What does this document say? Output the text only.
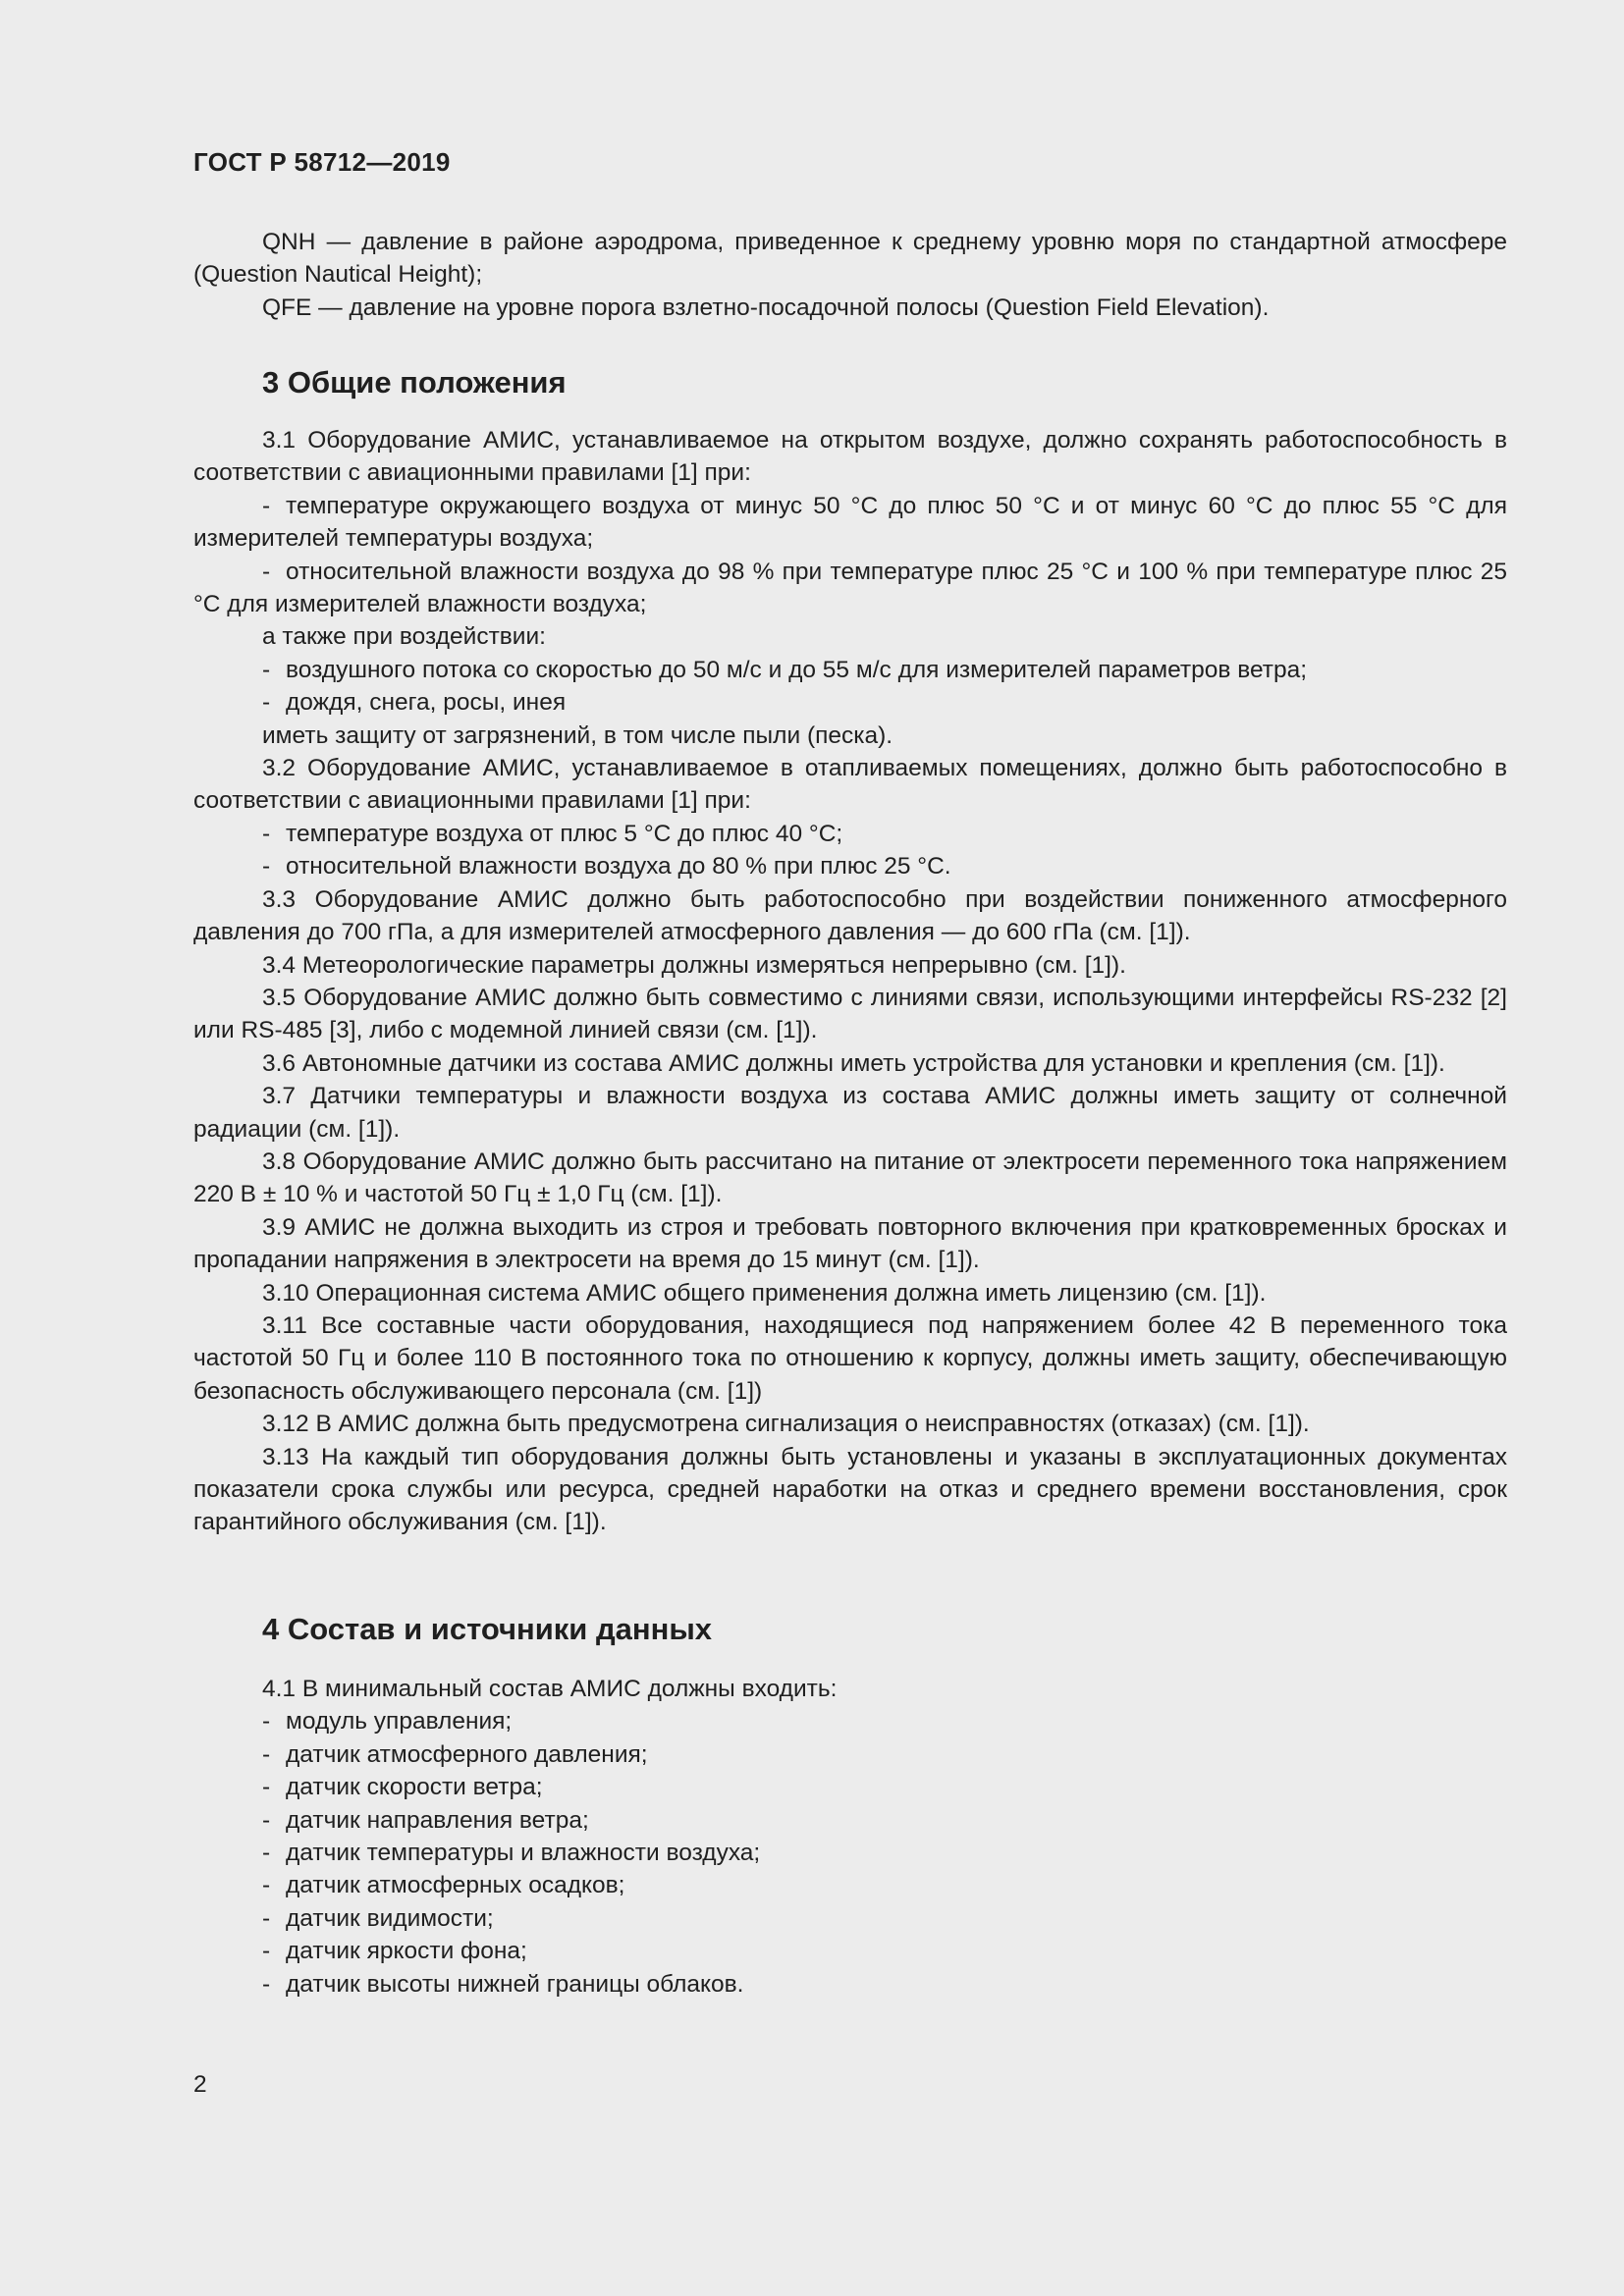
ГОСТ Р 58712—2019

QNH — давление в районе аэродрома, приведенное к среднему уровню моря по стандартной атмосфере (Question Nautical Height);

QFE — давление на уровне порога взлетно-посадочной полосы (Question Field Elevation).

3 Общие положения

3.1 Оборудование АМИС, устанавливаемое на открытом воздухе, должно сохранять работоспособность в соответствии с авиационными правилами [1] при:

- температуре окружающего воздуха от минус 50 °С до плюс 50 °С и от минус 60 °С до плюс 55 °С для измерителей температуры воздуха;

- относительной влажности воздуха до 98 % при температуре плюс 25 °С и 100 % при температуре плюс 25 °С для измерителей влажности воздуха;

а также при воздействии:

- воздушного потока со скоростью до 50 м/с и до 55 м/с для измерителей параметров ветра;

- дождя, снега, росы, инея

иметь защиту от загрязнений, в том числе пыли (песка).

3.2 Оборудование АМИС, устанавливаемое в отапливаемых помещениях, должно быть работоспособно в соответствии с авиационными правилами [1] при:

- температуре воздуха от плюс 5 °С до плюс 40 °С;

- относительной влажности воздуха до 80 % при плюс 25 °С.

3.3 Оборудование АМИС должно быть работоспособно при воздействии пониженного атмосферного давления до 700 гПа, а для измерителей атмосферного давления — до 600 гПа (см. [1]).

3.4 Метеорологические параметры должны измеряться непрерывно (см. [1]).

3.5 Оборудование АМИС должно быть совместимо с линиями связи, использующими интерфейсы RS-232 [2] или RS-485 [3], либо с модемной линией связи (см. [1]).

3.6 Автономные датчики из состава АМИС должны иметь устройства для установки и крепления (см. [1]).

3.7 Датчики температуры и влажности воздуха из состава АМИС должны иметь защиту от солнечной радиации (см. [1]).

3.8 Оборудование АМИС должно быть рассчитано на питание от электросети переменного тока напряжением 220 В ± 10 % и частотой 50 Гц ± 1,0 Гц (см. [1]).

3.9 АМИС не должна выходить из строя и требовать повторного включения при кратковременных бросках и пропадании напряжения в электросети на время до 15 минут (см. [1]).

3.10 Операционная система АМИС общего применения должна иметь лицензию (см. [1]).

3.11 Все составные части оборудования, находящиеся под напряжением более 42 В переменного тока частотой 50 Гц и более 110 В постоянного тока по отношению к корпусу, должны иметь защиту, обеспечивающую безопасность обслуживающего персонала (см. [1])

3.12 В АМИС должна быть предусмотрена сигнализация о неисправностях (отказах) (см. [1]).

3.13 На каждый тип оборудования должны быть установлены и указаны в эксплуатационных документах показатели срока службы или ресурса, средней наработки на отказ и среднего времени восстановления, срок гарантийного обслуживания (см. [1]).

4 Состав и источники данных
4.1 В минимальный состав АМИС должны входить:
- модуль управления;
- датчик атмосферного давления;
- датчик скорости ветра;
- датчик направления ветра;
- датчик температуры и влажности воздуха;
- датчик атмосферных осадков;
- датчик видимости;
- датчик яркости фона;
- датчик высоты нижней границы облаков.
2
